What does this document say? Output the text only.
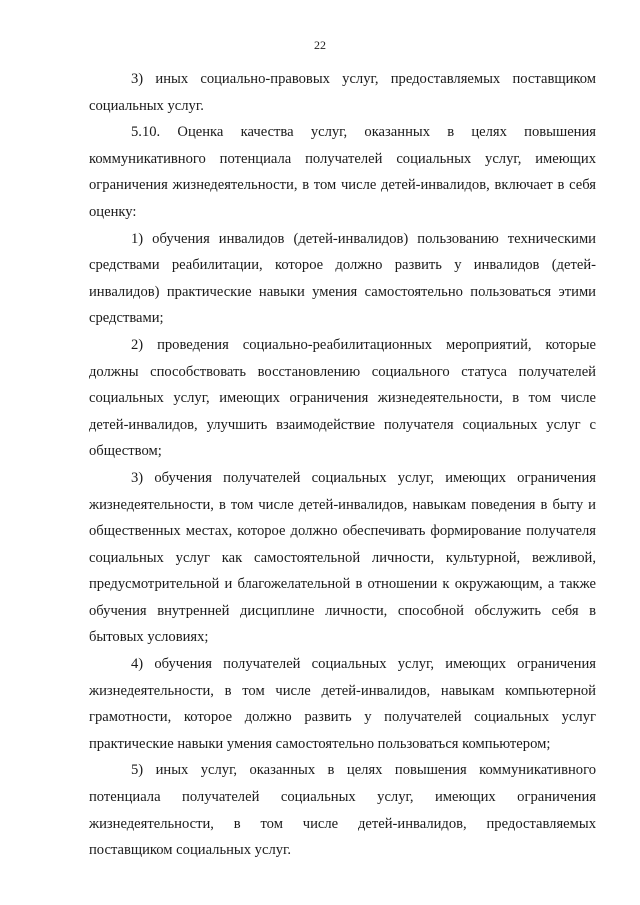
22

3) иных социально-правовых услуг, предоставляемых поставщиком социальных услуг.

5.10. Оценка качества услуг, оказанных в целях повышения коммуникативного потенциала получателей социальных услуг, имеющих ограничения жизнедеятельности, в том числе детей-инвалидов, включает в себя оценку:

1) обучения инвалидов (детей-инвалидов) пользованию техническими средствами реабилитации, которое должно развить у инвалидов (детей-инвалидов) практические навыки умения самостоятельно пользоваться этими средствами;

2) проведения социально-реабилитационных мероприятий, которые должны способствовать восстановлению социального статуса получателей социальных услуг, имеющих ограничения жизнедеятельности, в том числе детей-инвалидов, улучшить взаимодействие получателя социальных услуг с обществом;

3) обучения получателей социальных услуг, имеющих ограничения жизнедеятельности, в том числе детей-инвалидов, навыкам поведения в быту и общественных местах, которое должно обеспечивать формирование получателя социальных услуг как самостоятельной личности, культурной, вежливой, предусмотрительной и благожелательной в отношении к окружающим, а также обучения внутренней дисциплине личности, способной обслужить себя в бытовых условиях;

4) обучения получателей социальных услуг, имеющих ограничения жизнедеятельности, в том числе детей-инвалидов, навыкам компьютерной грамотности, которое должно развить у получателей социальных услуг практические навыки умения самостоятельно пользоваться компьютером;

5) иных услуг, оказанных в целях повышения коммуникативного потенциала получателей социальных услуг, имеющих ограничения жизнедеятельности, в том числе детей-инвалидов, предоставляемых поставщиком социальных услуг.
